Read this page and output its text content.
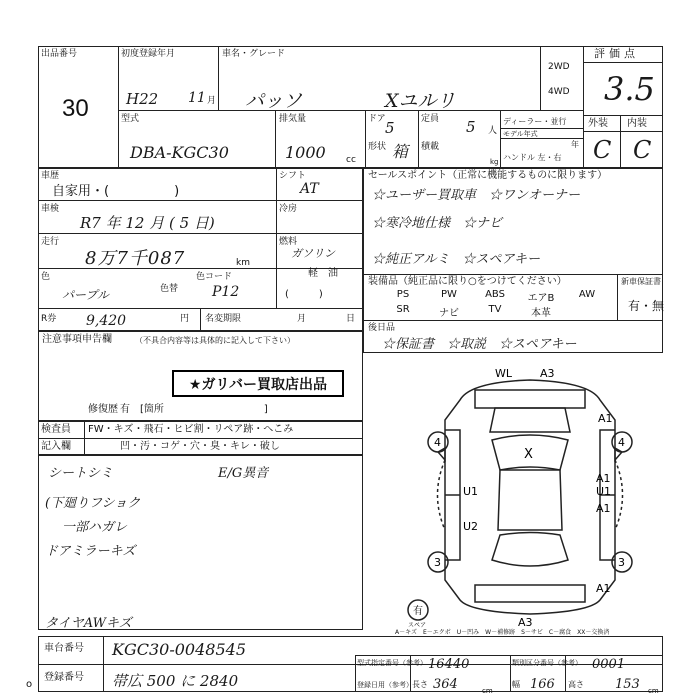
出品番号
30
初度登録年月
H22 11 月
車名・グレード
パッソ	Xユルリ
2WD
4WD
評価点
3.5
型式
DBA-KGC30
排気量
1000 cc
ドア 5	定員 5 人
形状 箱 積載
kg
ディーラー・並行
モデル年式
年
ハンドル 左・右
外装 内装
C C
車歴
自家用・(　　　　　)
シフト
AT
車検
R7 年 12 月 ( 5 日)
冷房
走行
8万7千087	km
燃料
ガソリン
軽　油
(　　　)
色
パープル	色替
色コード
P12
R券 9,420	円 名変期限	月	日
セールスポイント（正常に機能するものに限ります）
☆ユーザー買取車　☆ワンオーナー
☆寒冷地仕様　☆ナビ
☆純正アルミ　☆スペアキー
装備品（純正品に限り○をつけてください）	新車保証書
有・無
PS	PW	ABS	エアB	AW
SR	ナビ	TV	本革
後日品
☆保証書　☆取説　☆スペアキー
注意事項申告欄	（不具合内容等は具体的に記入して下さい）
★ガリバー買取店出品
修復歴 有　[箇所　　　　　　　　　　]
検査員
記入欄
FW・キズ・飛石・ヒビ割・リペア跡・へこみ
凹・汚・コゲ・穴・臭・キレ・破し
シートシミ
(下廻りフショク
一部ハガレ
ドアミラーキズ
E/G異音
タイヤAWキズ
WL	A3
A1
A1
U1	U1
U2
A1
A1
A3
X
4	4
3	3
有
スペア
A－キズ　E－エクボ　U－凹み　W－補修跡　S－サビ　C－腐食　XX－交換済
車台番号 KGC30-0048545
登録番号 帯広 500 に 2840
型式指定番号（参考） 16440	類別区分番号（参考） 0001
登録日用（参考） 長さ 364	cm
幅 166 高さ 153 cm
o
